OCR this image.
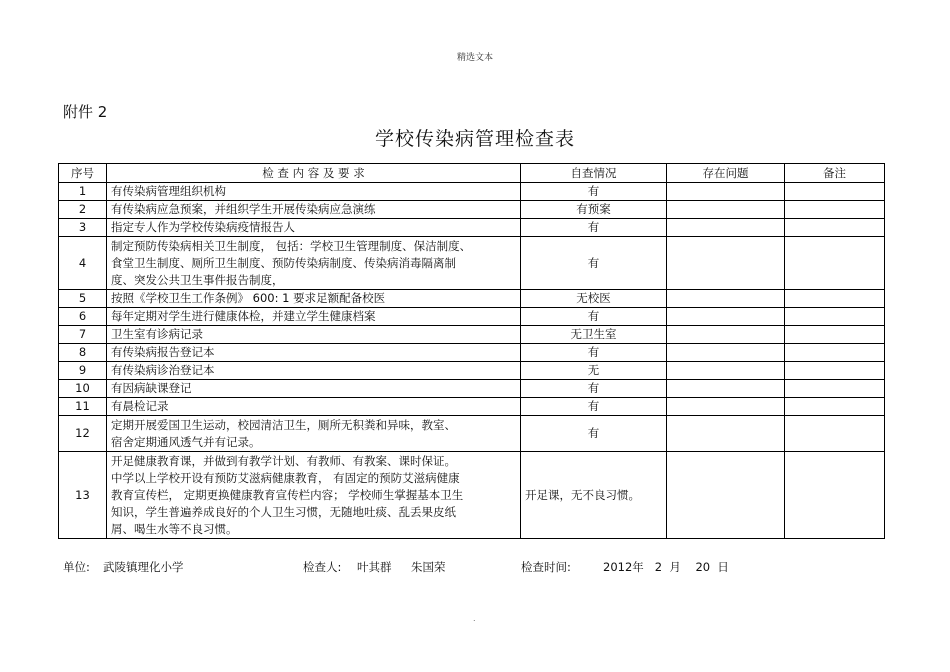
精选文本
附件 2
学校传染病管理检查表
序号	检 查 内 容 及 要 求	自查情况	存在问题	备注
1	有传染病管理组织机构	有		
2	有传染病应急预案，并组织学生开展传染病应急演练	有预案		
3	指定专人作为学校传染病疫情报告人	有		
4	制定预防传染病相关卫生制度， 包括：学校卫生管理制度、保洁制度、
食堂卫生制度、厕所卫生制度、预防传染病制度、传染病消毒隔离制
度、突发公共卫生事件报告制度，	有		
5	按照《学校卫生工作条例》 600: 1 要求足额配备校医	无校医		
6	每年定期对学生进行健康体检，并建立学生健康档案	有		
7	卫生室有诊病记录	无卫生室		
8	有传染病报告登记本	有		
9	有传染病诊治登记本	无		
10	有因病缺课登记	有		
11	有晨检记录	有		
12	定期开展爱国卫生运动，校园清洁卫生，厕所无积粪和异味，教室、
宿舍定期通风透气并有记录。	有		
13	开足健康教育课，并做到有教学计划、有教师、有教案、课时保证。
中学以上学校开设有预防艾滋病健康教育， 有固定的预防艾滋病健康
教育宣传栏， 定期更换健康教育宣传栏内容； 学校师生掌握基本卫生
知识，学生普遍养成良好的个人卫生习惯，无随地吐痰、乱丢果皮纸
屑、喝生水等不良习惯。	开足课，无不良习惯。		
单位: 武陵镇理化小学	检查人: 叶其群 朱国荣	检查时间:	2012年   2  月    20  日
.
